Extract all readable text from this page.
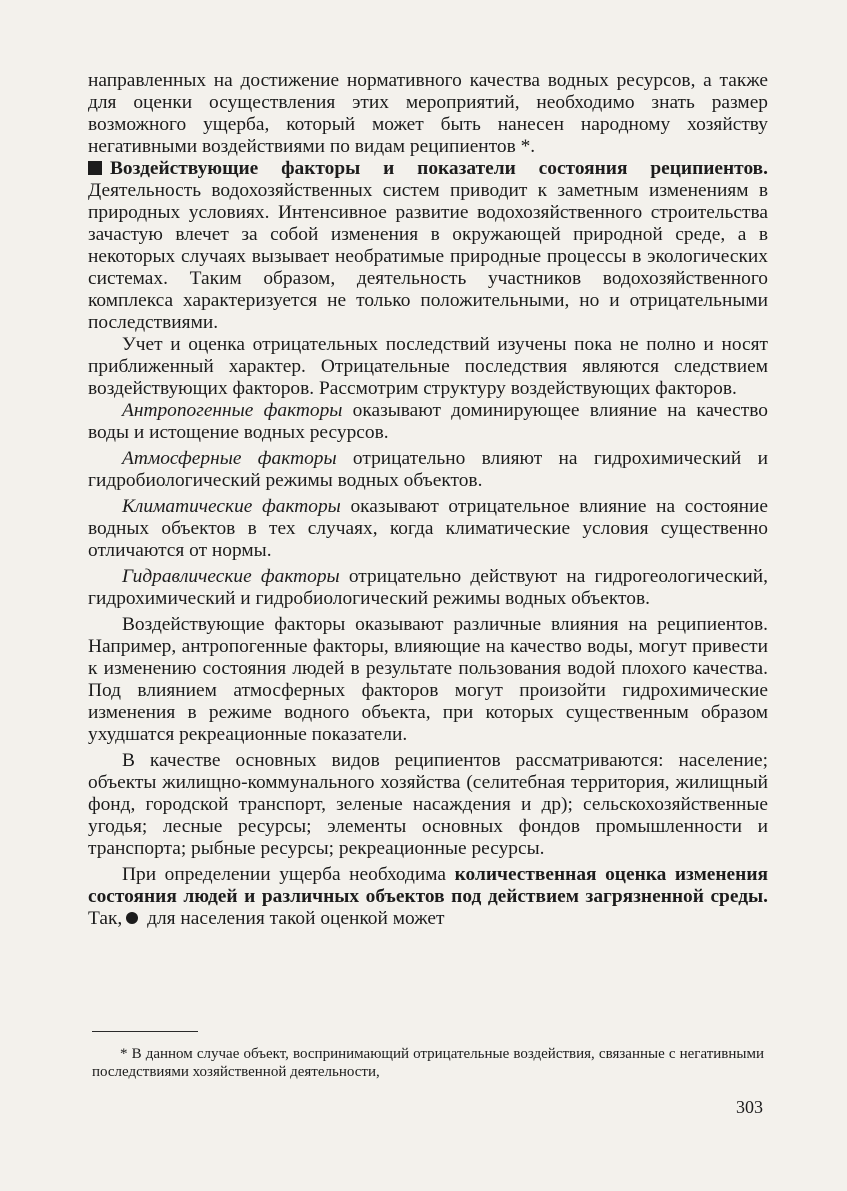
направленных на достижение нормативного качества водных ресурсов, а также для оценки осуществления этих мероприятий, необходимо знать размер возможного ущерба, который может быть нанесен народному хозяйству негативными воздействиями по видам реципиентов *.

Воздействующие факторы и показатели состояния реципиентов. Деятельность водохозяйственных систем приводит к заметным изменениям в природных условиях. Интенсивное развитие водохозяйственного строительства зачастую влечет за собой изменения в окружающей природной среде, а в некоторых случаях вызывает необратимые природные процессы в экологических системах. Таким образом, деятельность участников водохозяйственного комплекса характеризуется не только положительными, но и отрицательными последствиями.

Учет и оценка отрицательных последствий изучены пока не полно и носят приближенный характер. Отрицательные последствия являются следствием воздействующих факторов. Рассмотрим структуру воздействующих факторов.

Антропогенные факторы оказывают доминирующее влияние на качество воды и истощение водных ресурсов.

Атмосферные факторы отрицательно влияют на гидрохимический и гидробиологический режимы водных объектов.

Климатические факторы оказывают отрицательное влияние на состояние водных объектов в тех случаях, когда климатические условия существенно отличаются от нормы.

Гидравлические факторы отрицательно действуют на гидрогеологический, гидрохимический и гидробиологический режимы водных объектов.

Воздействующие факторы оказывают различные влияния на реципиентов. Например, антропогенные факторы, влияющие на качество воды, могут привести к изменению состояния людей в результате пользования водой плохого качества. Под влиянием атмосферных факторов могут произойти гидрохимические изменения в режиме водного объекта, при которых существенным образом ухудшатся рекреационные показатели.

В качестве основных видов реципиентов рассматриваются: население; объекты жилищно-коммунального хозяйства (селитебная территория, жилищный фонд, городской транспорт, зеленые насаждения и др); сельскохозяйственные угодья; лесные ресурсы; элементы основных фондов промышленности и транспорта; рыбные ресурсы; рекреационные ресурсы.

При определении ущерба необходима количественная оценка изменения состояния людей и различных объектов под действием загрязненной среды. Так, для населения такой оценкой может

* В данном случае объект, воспринимающий отрицательные воздействия, связанные с негативными последствиями хозяйственной деятельности,

303
